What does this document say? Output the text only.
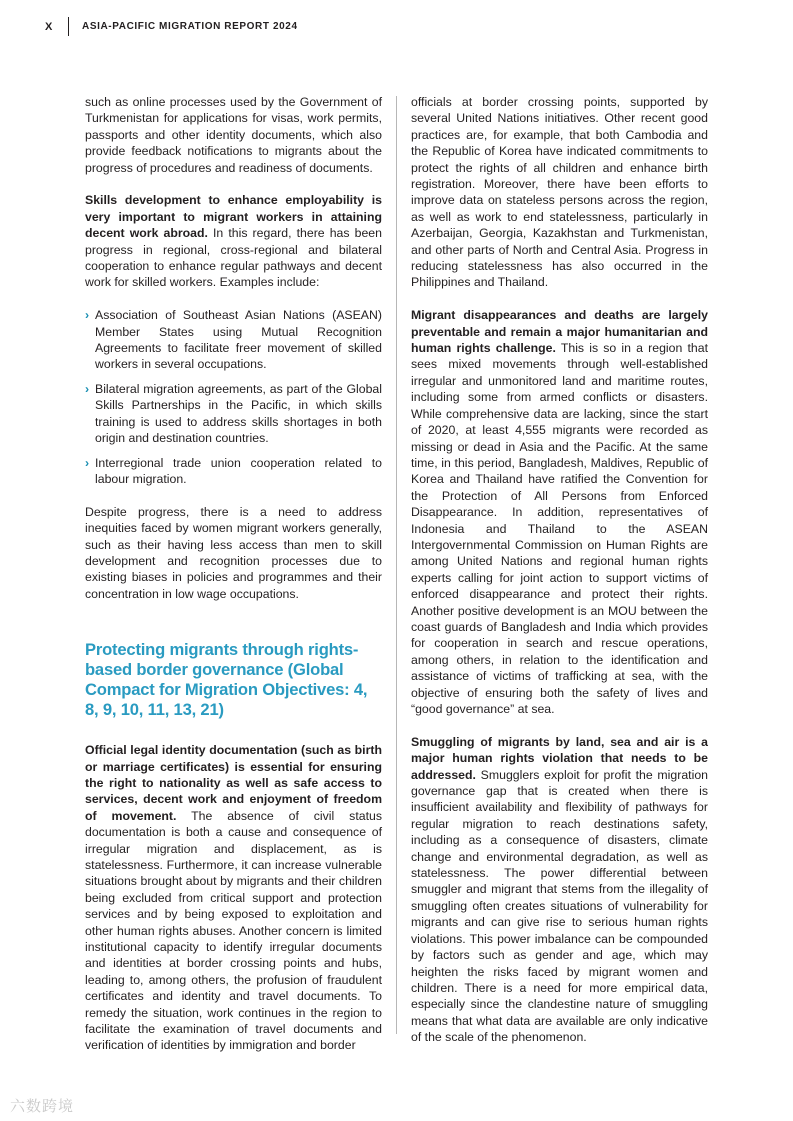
X	ASIA-PACIFIC MIGRATION REPORT 2024

such as online processes used by the Government of Turkmenistan for applications for visas, work permits, passports and other identity documents, which also provide feedback notifications to migrants about the progress of procedures and readiness of documents.

Skills development to enhance employability is very important to migrant workers in attaining decent work abroad. In this regard, there has been progress in regional, cross-regional and bilateral cooperation to enhance regular pathways and decent work for skilled workers. Examples include:

› Association of Southeast Asian Nations (ASEAN) Member States using Mutual Recognition Agreements to facilitate freer movement of skilled workers in several occupations.
› Bilateral migration agreements, as part of the Global Skills Partnerships in the Pacific, in which skills training is used to address skills shortages in both origin and destination countries.
› Interregional trade union cooperation related to labour migration.

Despite progress, there is a need to address inequities faced by women migrant workers generally, such as their having less access than men to skill development and recognition processes due to existing biases in policies and programmes and their concentration in low wage occupations.

Protecting migrants through rights-based border governance (Global Compact for Migration Objectives: 4, 8, 9, 10, 11, 13, 21)

Official legal identity documentation (such as birth or marriage certificates) is essential for ensuring the right to nationality as well as safe access to services, decent work and enjoyment of freedom of movement. The absence of civil status documentation is both a cause and consequence of irregular migration and displacement, as is statelessness. Furthermore, it can increase vulnerable situations brought about by migrants and their children being excluded from critical support and protection services and by being exposed to exploitation and other human rights abuses. Another concern is limited institutional capacity to identify irregular documents and identities at border crossing points and hubs, leading to, among others, the profusion of fraudulent certificates and identity and travel documents. To remedy the situation, work continues in the region to facilitate the examination of travel documents and verification of identities by immigration and border

officials at border crossing points, supported by several United Nations initiatives. Other recent good practices are, for example, that both Cambodia and the Republic of Korea have indicated commitments to protect the rights of all children and enhance birth registration. Moreover, there have been efforts to improve data on stateless persons across the region, as well as work to end statelessness, particularly in Azerbaijan, Georgia, Kazakhstan and Turkmenistan, and other parts of North and Central Asia. Progress in reducing statelessness has also occurred in the Philippines and Thailand.

Migrant disappearances and deaths are largely preventable and remain a major humanitarian and human rights challenge. This is so in a region that sees mixed movements through well-established irregular and unmonitored land and maritime routes, including some from armed conflicts or disasters. While comprehensive data are lacking, since the start of 2020, at least 4,555 migrants were recorded as missing or dead in Asia and the Pacific. At the same time, in this period, Bangladesh, Maldives, Republic of Korea and Thailand have ratified the Convention for the Protection of All Persons from Enforced Disappearance. In addition, representatives of Indonesia and Thailand to the ASEAN Intergovernmental Commission on Human Rights are among United Nations and regional human rights experts calling for joint action to support victims of enforced disappearance and protect their rights. Another positive development is an MOU between the coast guards of Bangladesh and India which provides for cooperation in search and rescue operations, among others, in relation to the identification and assistance of victims of trafficking at sea, with the objective of ensuring both the safety of lives and “good governance” at sea.

Smuggling of migrants by land, sea and air is a major human rights violation that needs to be addressed. Smugglers exploit for profit the migration governance gap that is created when there is insufficient availability and flexibility of pathways for regular migration to reach destinations safety, including as a consequence of disasters, climate change and environmental degradation, as well as statelessness. The power differential between smuggler and migrant that stems from the illegality of smuggling often creates situations of vulnerability for migrants and can give rise to serious human rights violations. This power imbalance can be compounded by factors such as gender and age, which may heighten the risks faced by migrant women and children. There is a need for more empirical data, especially since the clandestine nature of smuggling means that what data are available are only indicative of the scale of the phenomenon.

六数跨境
